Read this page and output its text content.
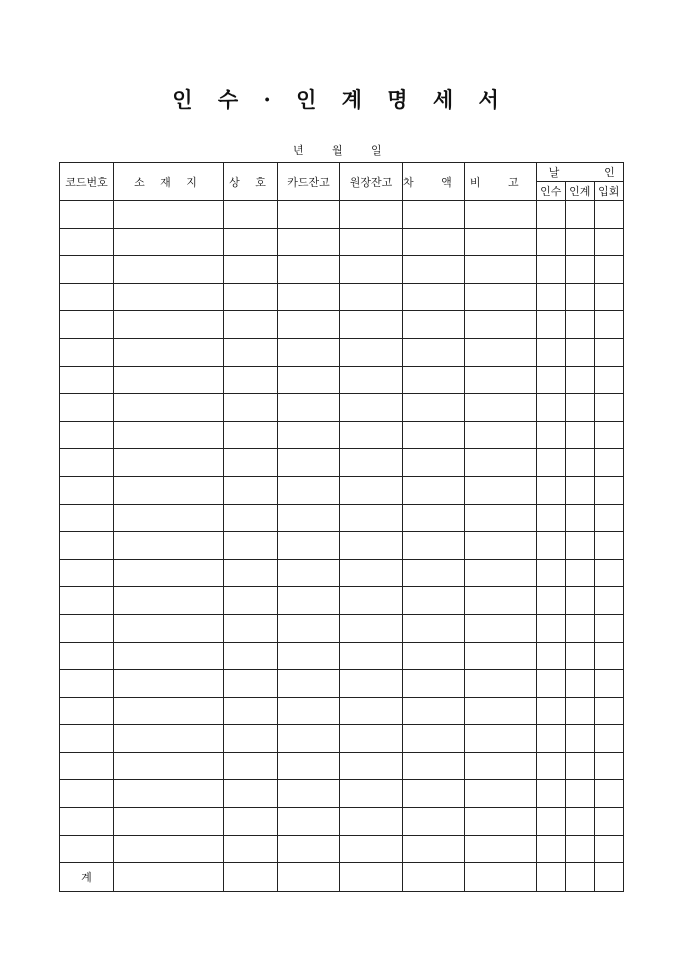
인 수 · 인 계 명 세 서
년	월	일
코드번호	소 재 지	상 호	카드잔고	원장잔고	차 액	비 고	날 인		

							인수	인계	입회

계									
